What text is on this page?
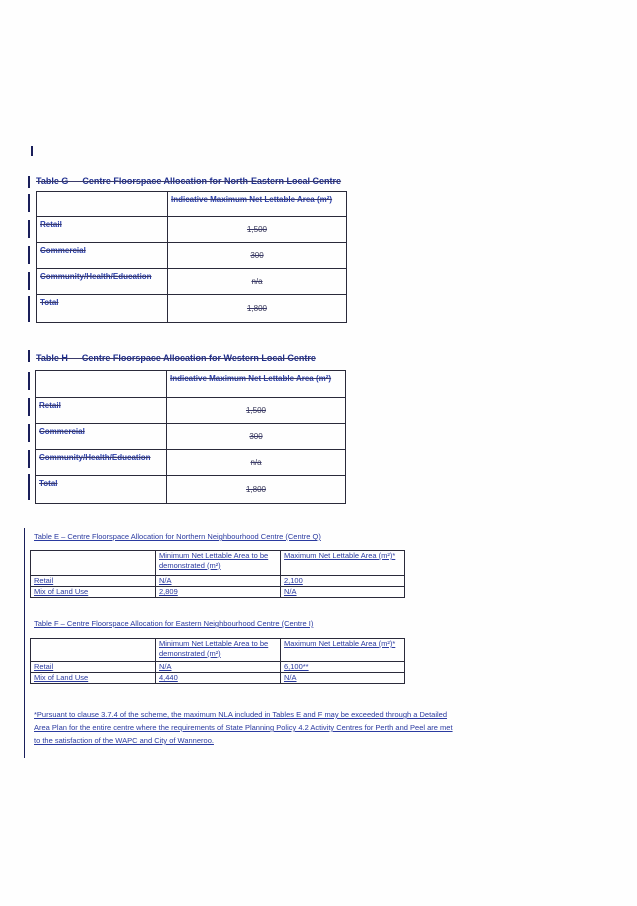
Table G — Centre Floorspace Allocation for North-Eastern Local Centre
	Indicative Maximum Net Lettable Area (m²)
Retail	1,500
Commercial	300
Community/Health/Education	n/a
Total	1,800
Table H — Centre Floorspace Allocation for Western Local Centre
	Indicative Maximum Net Lettable Area (m²)
Retail	1,500
Commercial	300
Community/Health/Education	n/a
Total	1,800
Table E – Centre Floorspace Allocation for Northern Neighbourhood Centre (Centre Q)
	Minimum Net Lettable Area to be demonstrated (m²)	Maximum Net Lettable Area (m²)*
Retail	N/A	2,100
Mix of Land Use	2,809	N/A
Table F – Centre Floorspace Allocation for Eastern Neighbourhood Centre (Centre I)
	Minimum Net Lettable Area to be demonstrated (m²)	Maximum Net Lettable Area (m²)*
Retail	N/A	6,100**
Mix of Land Use	4,440	N/A
*Pursuant to clause 3.7.4 of the scheme, the maximum NLA included in Tables E and F may be exceeded through a Detailed Area Plan for the entire centre where the requirements of State Planning Policy 4.2 Activity Centres for Perth and Peel are met to the satisfaction of the WAPC and City of Wanneroo.
